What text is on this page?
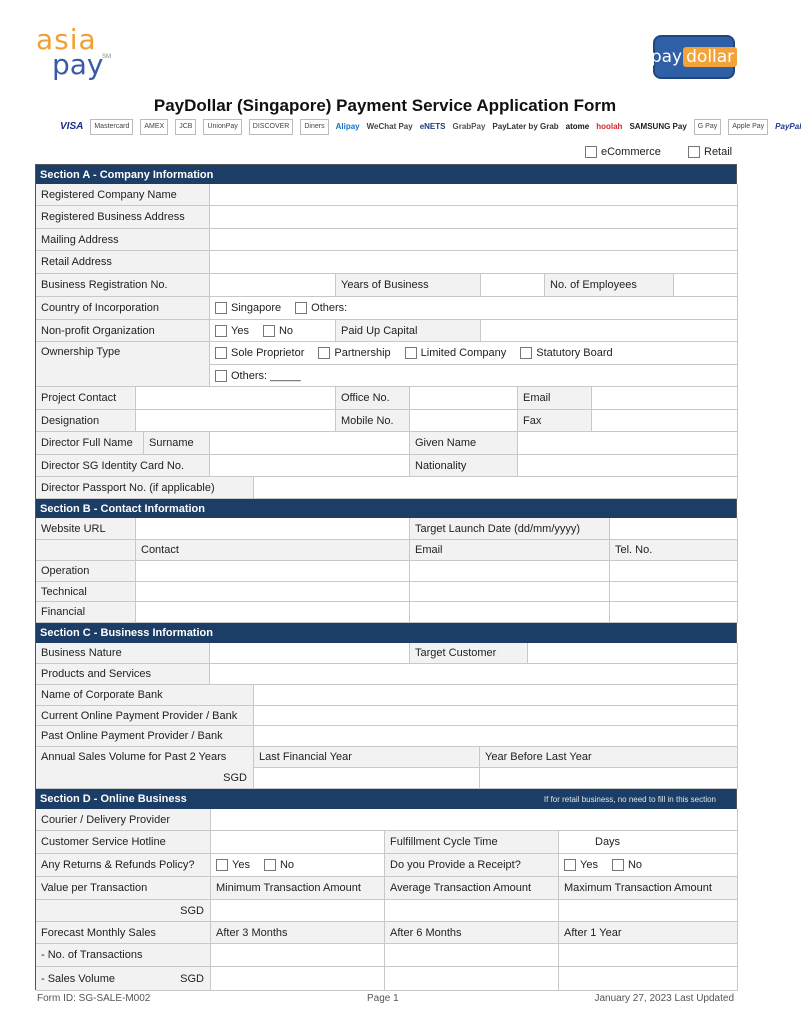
asia
pay
SM	pay dollar
PayDollar (Singapore) Payment Service Application Form
VISA	Mastercard	AMEX	JCB	UnionPay	DISCOVER	Diners	Alipay WeChat Pay eNETS GrabPay PayLater by Grab atome hoolah SAMSUNG Pay	G Pay	Apple Pay	PayPal
eCommerce	Retail
Section A - Company Information
Registered Company Name
Registered Business Address
Mailing Address
Retail Address
Business Registration No.	Years of Business	No. of Employees
Country of Incorporation	Singapore	Others:
Non-profit Organization	Yes	No	Paid Up Capital
Ownership Type	Sole Proprietor	Partnership	Limited Company	Statutory Board
Others: _____
Project Contact	Office No.	Email
Designation	Mobile No.	Fax
Director Full Name	Surname	Given Name
Director SG Identity Card No.	Nationality
Director Passport No. (if applicable)
Section B - Contact Information
Website URL	Target Launch Date (dd/mm/yyyy)
Contact	Email	Tel. No.
Operation
Technical
Financial
Section C - Business Information
Business Nature	Target Customer
Products and Services
Name of Corporate Bank
Current Online Payment Provider / Bank
Past Online Payment Provider / Bank
Annual Sales Volume for Past 2 Years	Last Financial Year	Year Before Last Year
SGD
Section D - Online Business	If for retail business, no need to fill in this section
Courier / Delivery Provider
Customer Service Hotline	Fulfillment Cycle Time	Days
Any Returns & Refunds Policy?	Yes	No	Do you Provide a Receipt?	Yes	No
Value per Transaction	Minimum Transaction Amount	Average Transaction Amount	Maximum Transaction Amount
SGD
Forecast Monthly Sales	After 3 Months	After 6 Months	After 1 Year
- No. of Transactions
- Sales Volume	SGD
Form ID: SG-SALE-M002	Page 1	January 27, 2023 Last Updated
